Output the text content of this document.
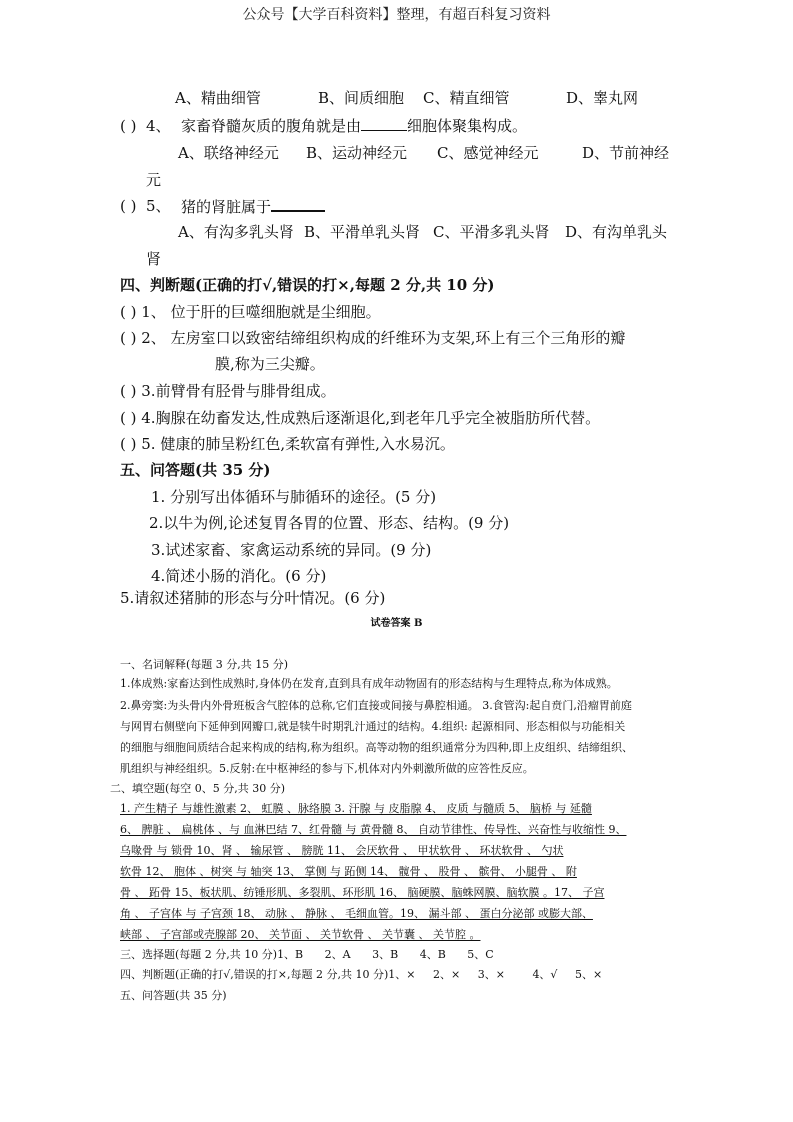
公众号【大学百科资料】整理，有超百科复习资料
A、精曲细管	B、间质细胞 C、精直细管	D、睾丸网
( ) 4、 家畜脊髓灰质的腹角就是由	细胞体聚集构成。
A、联络神经元 B、运动神经元 C、感觉神经元	D、节前神经
元
( ) 5、 猪的肾脏属于
A、有沟多乳头肾 B、平滑单乳头肾 C、平滑多乳头肾 D、有沟单乳头
肾
四、判断题(正确的打√,错误的打×,每题 2 分,共 10 分)
( ) 1、 位于肝的巨噬细胞就是尘细胞。
( ) 2、 左房室口以致密结缔组织构成的纤维环为支架,环上有三个三角形的瓣
膜,称为三尖瓣。
( ) 3.前臂骨有胫骨与腓骨组成。
( ) 4.胸腺在幼畜发达,性成熟后逐渐退化,到老年几乎完全被脂肪所代替。
( ) 5. 健康的肺呈粉红色,柔软富有弹性,入水易沉。
五、问答题(共 35 分)
1. 分别写出体循环与肺循环的途径。(5 分)
2.以牛为例,论述复胃各胃的位置、形态、结构。(9 分)
3.试述家畜、家禽运动系统的异同。(9 分)
4.简述小肠的消化。(6 分)
5.请叙述猪肺的形态与分叶情况。(6 分)
试卷答案 B
一、名词解释(每题 3 分,共 15 分)
1.体成熟:家畜达到性成熟时,身体仍在发育,直到具有成年动物固有的形态结构与生理特点,称为体成熟。
2.鼻旁窦:为头骨内外骨班板含气腔体的总称,它们直接或间接与鼻腔相通。 3.食管沟:起自贲门,沿瘤胃前庭
与网胃右侧壁向下延伸到网瓣口,就是犊牛时期乳汁通过的结构。4.组织: 起源相同、形态相似与功能相关
的细胞与细胞间质结合起来构成的结构,称为组织。高等动物的组织通常分为四种,即上皮组织、结缔组织、
肌组织与神经组织。5.反射:在中枢神经的参与下,机体对内外刺激所做的应答性反应。
二、填空题(每空 0、5 分,共 30 分)
1. 产生精子 与雄性激素 2、 虹膜 、脉络膜 3. 汗腺 与 皮脂腺 4、 皮质 与髓质 5、 脑桥 与 延髓
6、 脾脏 、 扁桃体 、与 血淋巴结 7、红骨髓 与 黄骨髓 8、 自动节律性、传导性、兴奋性与收缩性 9、
乌喙骨 与 锁骨 10、肾 、 输尿管 、 膀胱 11、 会厌软骨 、 甲状软骨 、 环状软骨 、 勺状
软骨 12、 胞体 、树突 与 轴突 13、 掌侧 与 跖侧 14、 髋骨 、 股骨 、 髌骨、 小腿骨 、 附
骨 、 跖骨 15、板状肌、纺锤形肌、多裂肌、环形肌 16、 脑硬膜、脑蛛网膜、脑软膜 。17、 子宫
角 、 子宫体 与 子宫颈 18、 动脉 、 静脉 、 毛细血管。19、 漏斗部 、 蛋白分泌部 或膨大部、
峡部 、 子宫部或壳腺部 20、 关节面 、 关节软骨 、 关节囊 、 关节腔 。
三、选择题(每题 2 分,共 10 分)1、B 2、A 3、B 4、B 5、C
四、判断题(正确的打√,错误的打×,每题 2 分,共 10 分)1、× 2、× 3、×	4、√ 5、×
五、问答题(共 35 分)
